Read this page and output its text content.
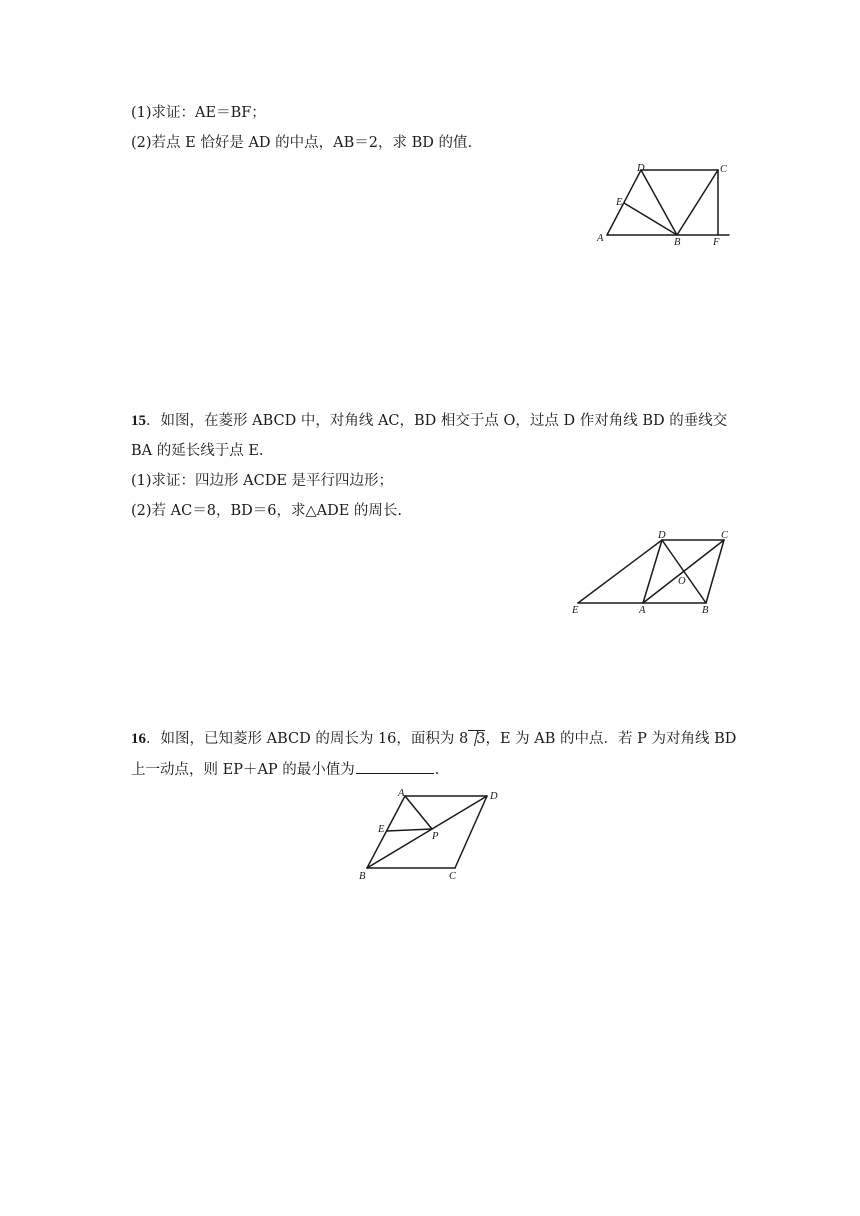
(1)求证：AE＝BF；

(2)若点 E 恰好是 AD 的中点，AB＝2，求 BD 的值.

D	C
E
A	B	F

15．如图，在菱形 ABCD 中，对角线 AC，BD 相交于点 O，过点 D 作对角线 BD 的垂线交

BA 的延长线于点 E.

(1)求证：四边形 ACDE 是平行四边形；

(2)若 AC＝8，BD＝6，求△ADE 的周长.

D	C
O
E	A	B

16．如图，已知菱形 ABCD 的周长为 16，面积为 8 3，E 为 AB 的中点．若 P 为对角线 BD

上一动点，则 EP＋AP 的最小值为	.

A	D
E
P
B	C
